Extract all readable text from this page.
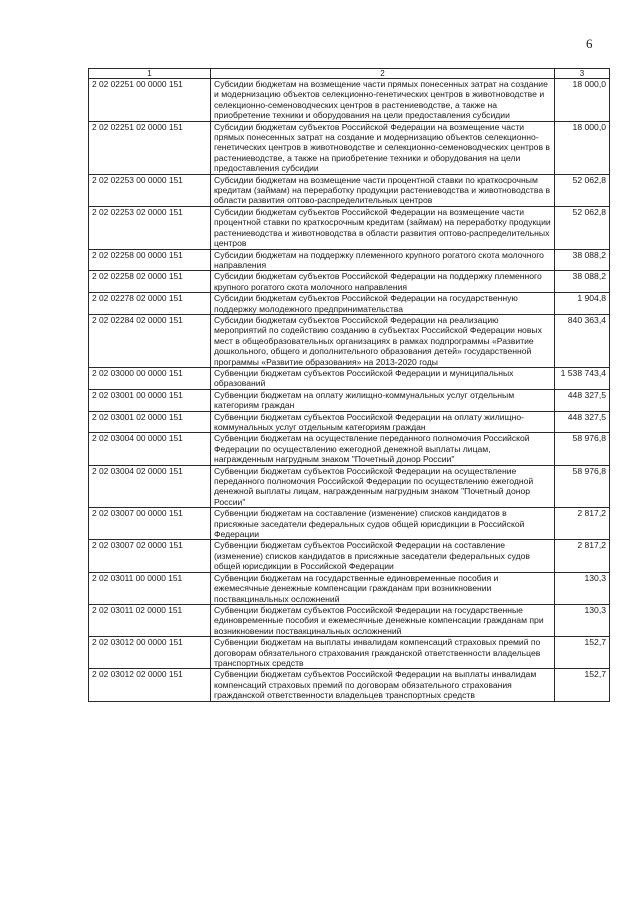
6
1	2	3
2 02 02251 00 0000 151	Субсидии бюджетам на возмещение части прямых понесенных затрат на создание и модернизацию объектов селекционно-генетических центров в животноводстве и селекционно-семеноводческих центров в растениеводстве, а также на приобретение техники и оборудования на цели предоставления субсидии	18 000,0
2 02 02251 02 0000 151	Субсидии бюджетам субъектов Российской Федерации на возмещение части прямых понесенных затрат на создание и модернизацию объектов селекционно-генетических центров в животноводстве и селекционно-семеноводческих центров в растениеводстве, а также на приобретение техники и оборудования на цели предоставления субсидии	18 000,0
2 02 02253 00 0000 151	Субсидии бюджетам на возмещение части процентной ставки по краткосрочным кредитам (займам) на переработку продукции растениеводства и животноводства в области развития оптово-распределительных центров	52 062,8
2 02 02253 02 0000 151	Субсидии бюджетам субъектов Российской Федерации на возмещение части процентной ставки по краткосрочным кредитам (займам) на переработку продукции растениеводства и животноводства в области развития оптово-распределительных центров	52 062,8
2 02 02258 00 0000 151	Субсидии бюджетам на поддержку племенного крупного рогатого скота молочного направления	38 088,2
2 02 02258 02 0000 151	Субсидии бюджетам субъектов Российской Федерации на поддержку племенного крупного рогатого скота молочного направления	38 088,2
2 02 02278 02 0000 151	Субсидии бюджетам субъектов Российской Федерации на государственную поддержку молодежного предпринимательства	1 904,8
2 02 02284 02 0000 151	Субсидии бюджетам субъектов Российской Федерации на реализацию мероприятий по содействию созданию в субъектах Российской Федерации новых мест в общеобразовательных организациях в рамках подпрограммы «Развитие дошкольного, общего и дополнительного образования детей» государственной программы «Развитие образования» на 2013-2020 годы	840 363,4
2 02 03000 00 0000 151	Субвенции бюджетам субъектов Российской Федерации и муниципальных образований	1 538 743,4
2 02 03001 00 0000 151	Субвенции бюджетам на оплату жилищно-коммунальных услуг отдельным категориям граждан	448 327,5
2 02 03001 02 0000 151	Субвенции бюджетам субъектов Российской Федерации на оплату жилищно-коммунальных услуг отдельным категориям граждан	448 327,5
2 02 03004 00 0000 151	Субвенции бюджетам на осуществление переданного полномочия Российской Федерации по осуществлению ежегодной денежной выплаты лицам, награжденным нагрудным знаком "Почетный донор России"	58 976,8
2 02 03004 02 0000 151	Субвенции бюджетам субъектов Российской Федерации на осуществление переданного полномочия Российской Федерации по осуществлению ежегодной денежной выплаты лицам, награжденным нагрудным знаком "Почетный донор России"	58 976,8
2 02 03007 00 0000 151	Субвенции бюджетам на составление (изменение) списков кандидатов в присяжные заседатели федеральных судов общей юрисдикции в Российской Федерации	2 817,2
2 02 03007 02 0000 151	Субвенции бюджетам субъектов Российской Федерации на составление (изменение) списков кандидатов в присяжные заседатели федеральных судов общей юрисдикции в Российской Федерации	2 817,2
2 02 03011 00 0000 151	Субвенции бюджетам на государственные единовременные пособия и ежемесячные денежные компенсации гражданам при возникновении поствакцинальных осложнений	130,3
2 02 03011 02 0000 151	Субвенции бюджетам субъектов Российской Федерации на государственные единовременные пособия и ежемесячные денежные компенсации гражданам при возникновении поствакцинальных осложнений	130,3
2 02 03012 00 0000 151	Субвенции бюджетам на выплаты инвалидам компенсаций страховых премий по договорам обязательного страхования гражданской ответственности владельцев транспортных средств	152,7
2 02 03012 02 0000 151	Субвенции бюджетам субъектов Российской Федерации на выплаты инвалидам компенсаций страховых премий по договорам обязательного страхования гражданской ответственности владельцев транспортных средств	152,7
